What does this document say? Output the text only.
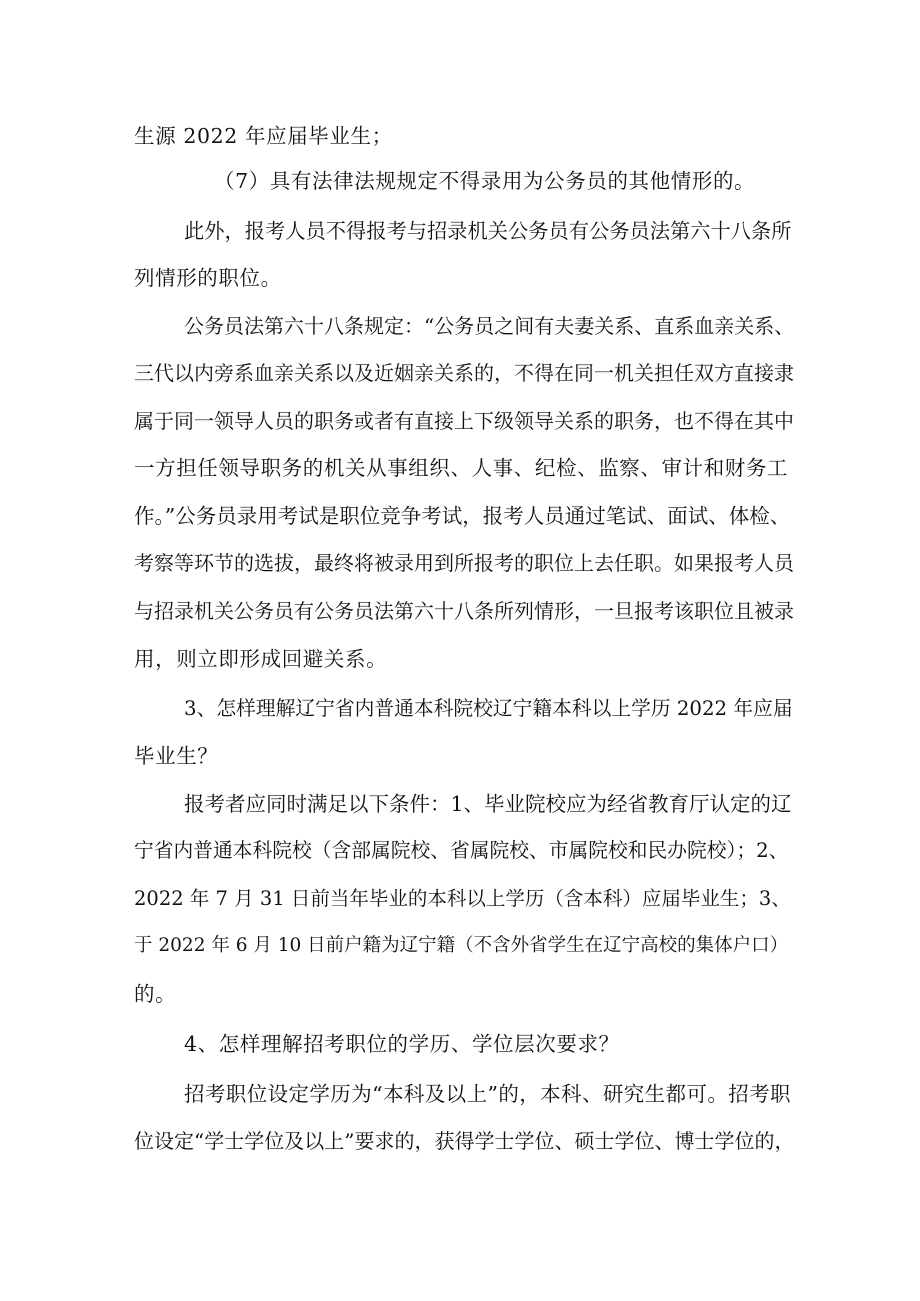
生源 2022 年应届毕业生；
（7）具有法律法规规定不得录用为公务员的其他情形的。
此外，报考人员不得报考与招录机关公务员有公务员法第六十八条所
列情形的职位。
公务员法第六十八条规定：“公务员之间有夫妻关系、直系血亲关系、
三代以内旁系血亲关系以及近姻亲关系的，不得在同一机关担任双方直接隶
属于同一领导人员的职务或者有直接上下级领导关系的职务，也不得在其中
一方担任领导职务的机关从事组织、人事、纪检、监察、审计和财务工
作。”公务员录用考试是职位竞争考试，报考人员通过笔试、面试、体检、
考察等环节的选拔，最终将被录用到所报考的职位上去任职。如果报考人员
与招录机关公务员有公务员法第六十八条所列情形，一旦报考该职位且被录
用，则立即形成回避关系。
3、怎样理解辽宁省内普通本科院校辽宁籍本科以上学历 2022 年应届
毕业生？
报考者应同时满足以下条件：1、毕业院校应为经省教育厅认定的辽
宁省内普通本科院校（含部属院校、省属院校、市属院校和民办院校）；2、
2022 年 7 月 31 日前当年毕业的本科以上学历（含本科）应届毕业生；3、
于 2022 年 6 月 10 日前户籍为辽宁籍（不含外省学生在辽宁高校的集体户口）
的。
4、怎样理解招考职位的学历、学位层次要求？
招考职位设定学历为“本科及以上”的，本科、研究生都可。招考职
位设定“学士学位及以上”要求的，获得学士学位、硕士学位、博士学位的，
